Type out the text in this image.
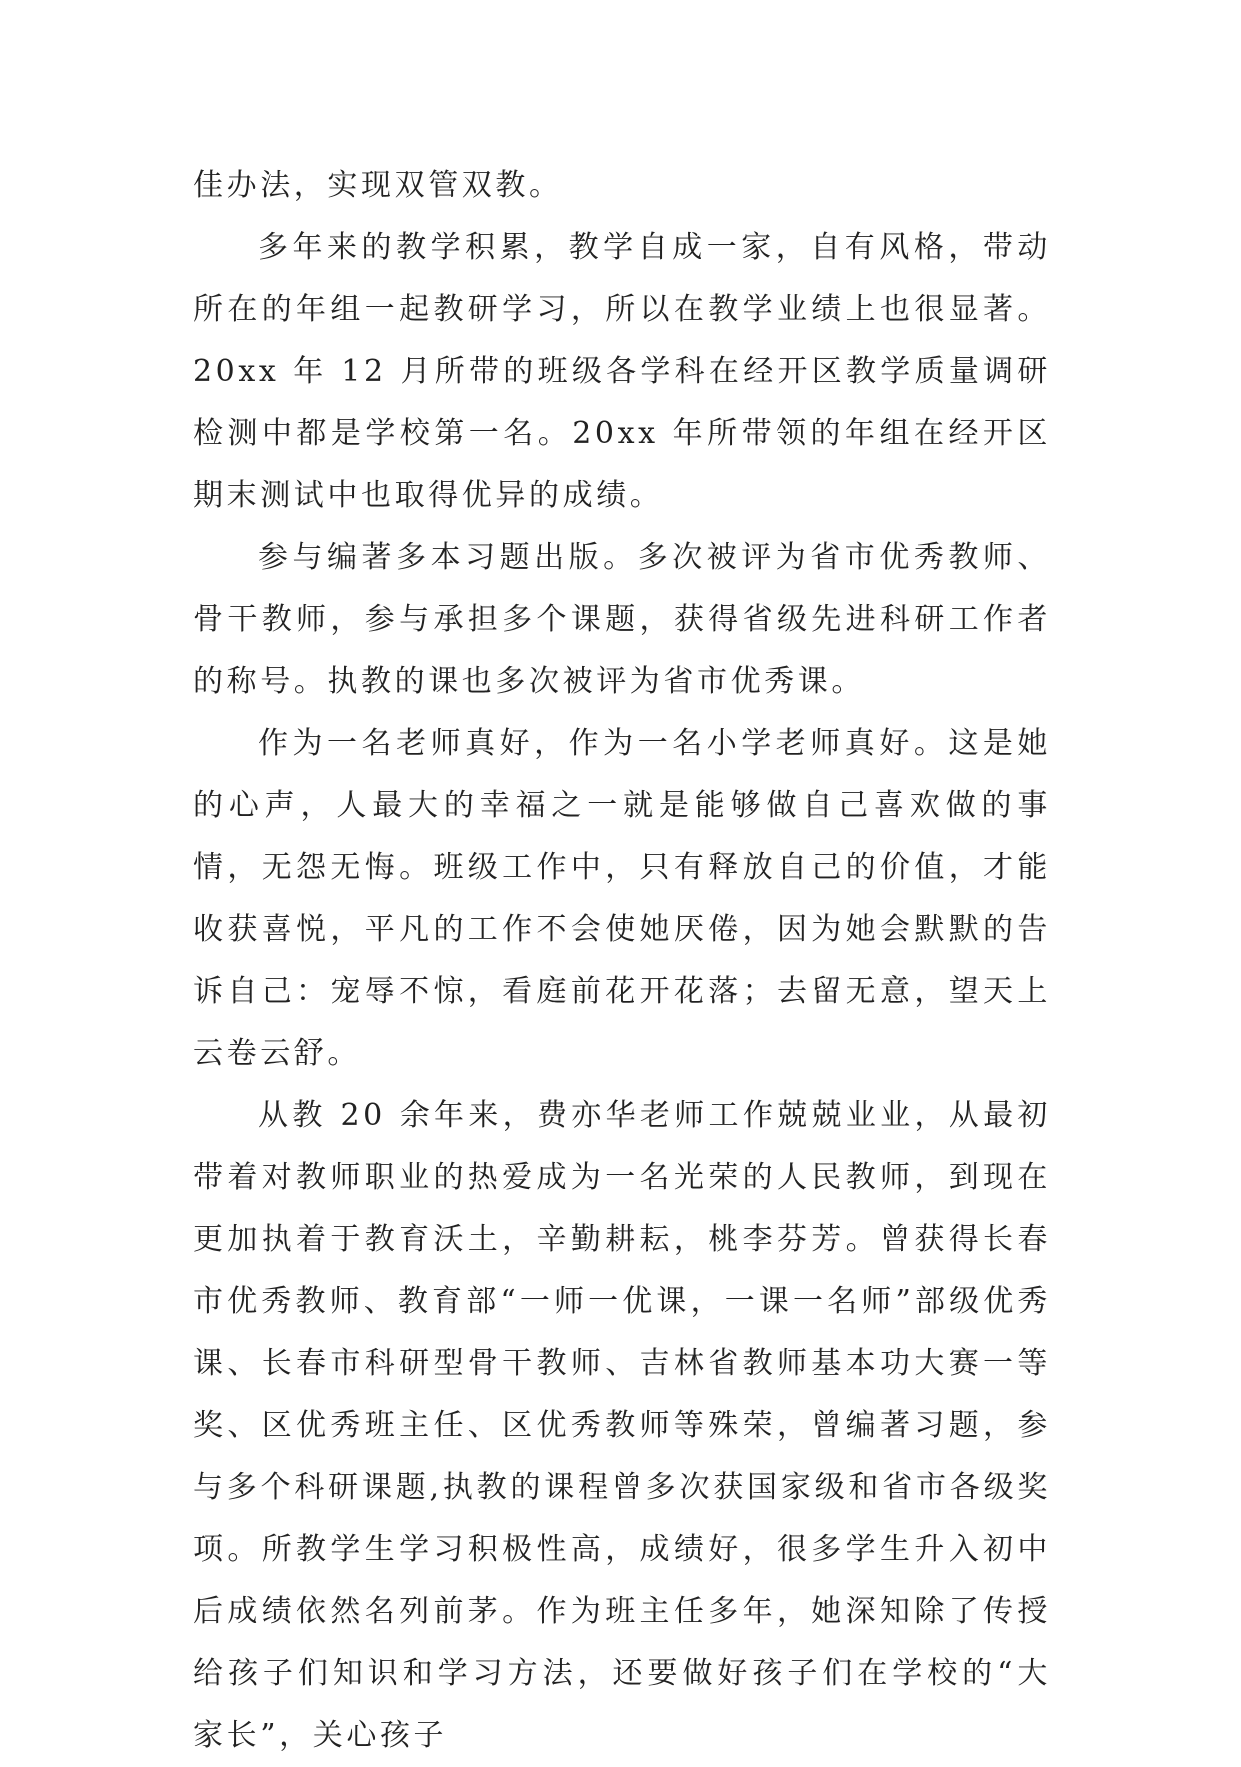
佳办法，实现双管双教。

多年来的教学积累，教学自成一家，自有风格，带动所在的年组一起教研学习，所以在教学业绩上也很显著。20xx 年 12 月所带的班级各学科在经开区教学质量调研检测中都是学校第一名。20xx 年所带领的年组在经开区期末测试中也取得优异的成绩。

参与编著多本习题出版。多次被评为省市优秀教师、骨干教师，参与承担多个课题，获得省级先进科研工作者的称号。执教的课也多次被评为省市优秀课。

作为一名老师真好，作为一名小学老师真好。这是她的心声，人最大的幸福之一就是能够做自己喜欢做的事情，无怨无悔。班级工作中，只有释放自己的价值，才能收获喜悦，平凡的工作不会使她厌倦，因为她会默默的告诉自己：宠辱不惊，看庭前花开花落；去留无意，望天上云卷云舒。

从教 20 余年来，费亦华老师工作兢兢业业，从最初带着对教师职业的热爱成为一名光荣的人民教师，到现在更加执着于教育沃土，辛勤耕耘，桃李芬芳。曾获得长春市优秀教师、教育部“一师一优课，一课一名师”部级优秀课、长春市科研型骨干教师、吉林省教师基本功大赛一等奖、区优秀班主任、区优秀教师等殊荣，曾编著习题，参与多个科研课题,执教的课程曾多次获国家级和省市各级奖项。所教学生学习积极性高，成绩好，很多学生升入初中后成绩依然名列前茅。作为班主任多年，她深知除了传授给孩子们知识和学习方法，还要做好孩子们在学校的“大家长”，关心孩子
